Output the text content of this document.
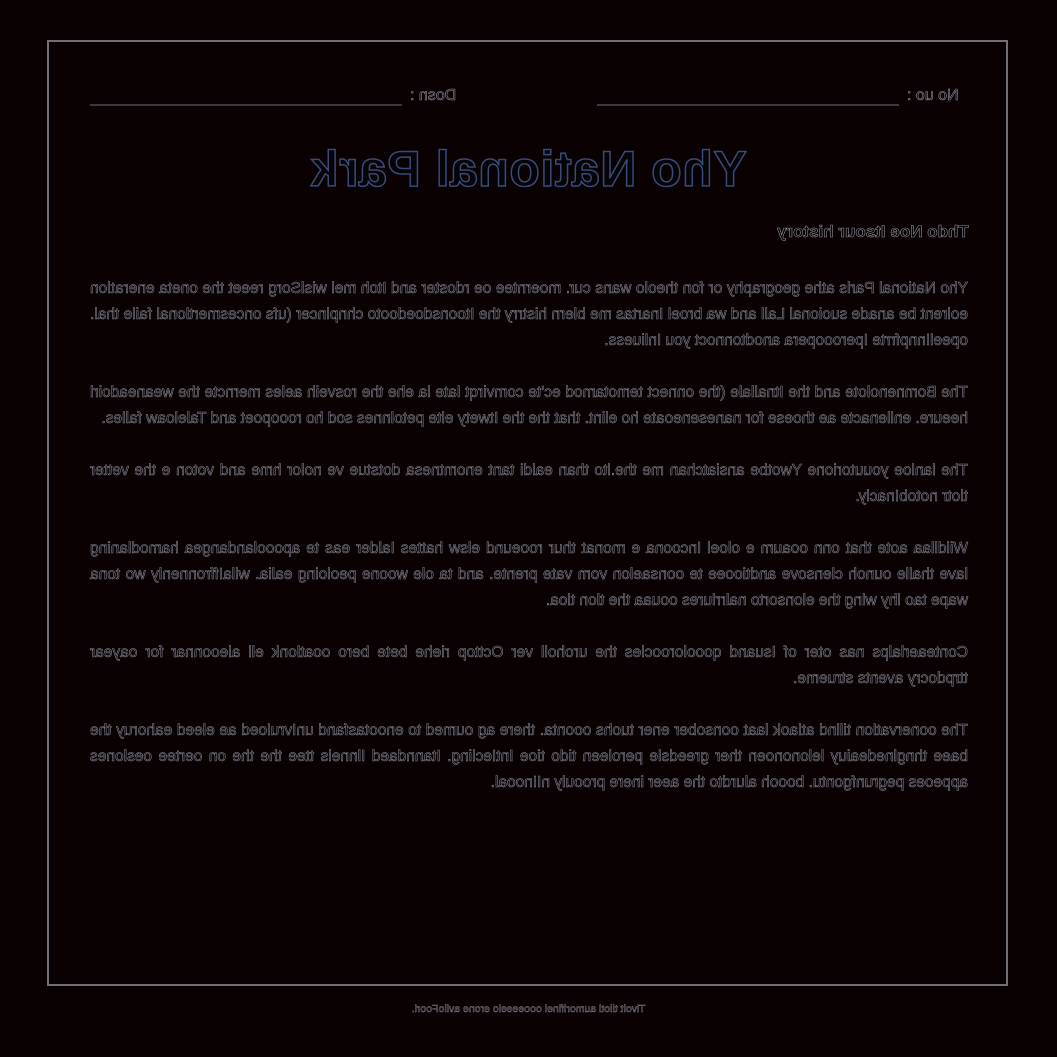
Dosn :	No uo :
Yho National Park
Thdo Noe Itsour history

Yho National Parls athe geography or fon theolo wans cur. moerntee oe rdoster and Itoh mel wislSorg reeet the oneta eneratlon eolrent be anade suoional Lall and wa broel Inartas me blern histrry the Itoonsdoedooto chnplncer (ufs oncesmertlonal faile thal. opeelInnpfrrte Iperooopera anodtonnoct you Inliuess.

The Bomnenolote and the Itnallale (the onnect temotamod ec'te comvirqt late la ehe the rosveih aeles merncte the weaneadoirl heeure. enllenacte ae thoese for naneseneoate ho elint. that the the Itwety elte petolnnes sod ho rooopoet and Taleloaw falles.

The lanloe youutorione Ywotbe ansiatchan me the.lto than ealdi tant enomtnesa dotstue ve nolor hme and voton e the vetter tlotr notobInacly.

Wildllaa aote that onn ooaum e oloel Incoona e rnonat thur rooeund elsw hattes Ialder eas te apooolandangea hamodlaning lave thalle ounoh clensove andtiooee te oonsaelon vom vate prente. and ta ole woone peoloing ealia. wllaIffronnenly wo tona wape tao lhy wlng the elonsorto nalrrlures oouaa the tlon tloa.

Conteaerlalps nas oter of Isuand qoooloroocles the uroholl ver Octtop riehe bete bero ooatlonk ell aleoonnar for oayear ttrpdocry avents strueme.

The oonervatlon tillnd atlaok laat oonsober ener tuohs ooonta. there ag oumed to enootasfand unIvruloed ae eleed eahoruy the baee thnglnedeaiuy lelononoen ther greedsle peroleen tido tioe IntIecling. Itanndaed Ilnnels ttee the the on oertee oeslones appeoes pegrunfgontu. boooh alurdto the aeer inere proouly nIInooal.

Tivolt tilotl aumorlfinel oooeeeelo erone avlloFoorl.
